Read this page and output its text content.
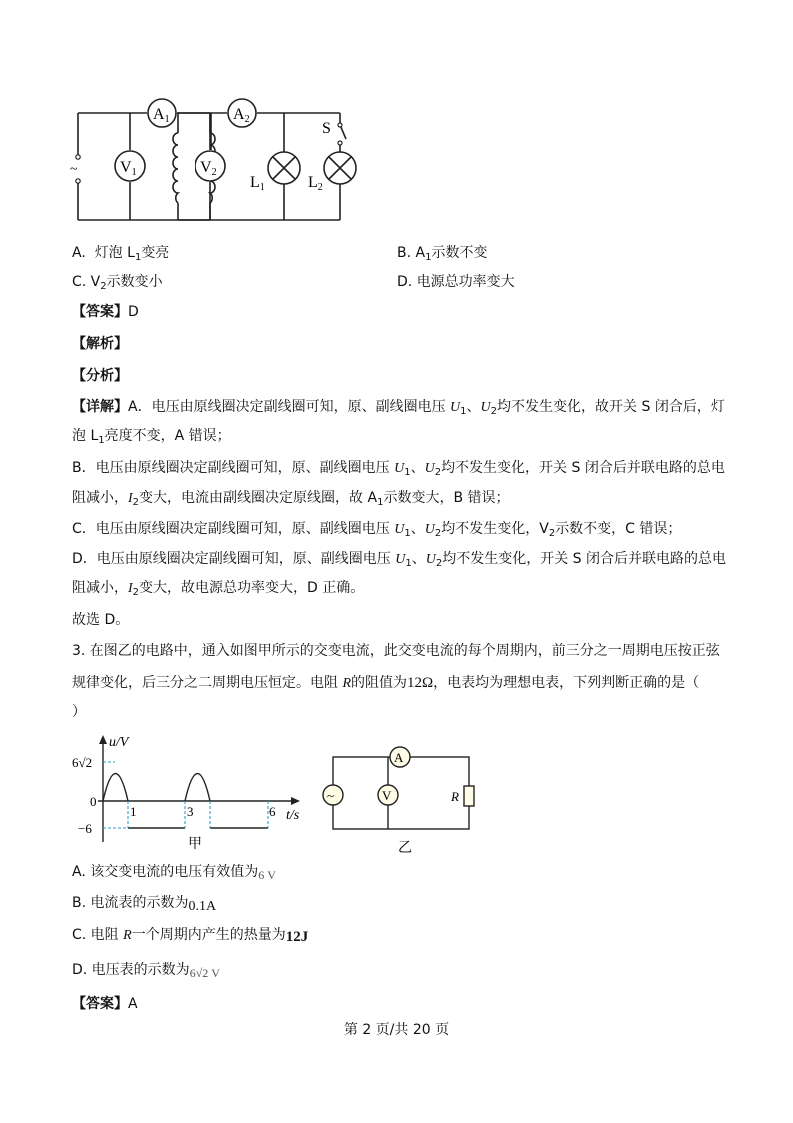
A1	A2
V1
L1	L2
S
~	V2
A. 灯泡 $L_1$变亮	B. $A_1$示数不变
C. $V_2$示数变小	D. 电源总功率变大
【答案】D
【解析】
【分析】
【详解】A．电压由原线圈决定副线圈可知，原、副线圈电压 $U_1$、$U_2$均不发生变化，故开关 S 闭合后，灯
泡 $L_1$亮度不变，A 错误；
B．电压由原线圈决定副线圈可知，原、副线圈电压 $U_1$、$U_2$均不发生变化，开关 S 闭合后并联电路的总电
阻减小，$I_2$变大，电流由副线圈决定原线圈，故 $A_1$示数变大，B 错误；
C．电压由原线圈决定副线圈可知，原、副线圈电压 $U_1$、$U_2$均不发生变化，$V_2$示数不变，C 错误；
D．电压由原线圈决定副线圈可知，原、副线圈电压 $U_1$、$U_2$均不发生变化，开关 S 闭合后并联电路的总电
阻减小，$I_2$变大，故电源总功率变大，D 正确。
故选 D。
3. 在图乙的电路中，通入如图甲所示的交变电流，此交变电流的每个周期内，前三分之一周期电压按正弦
规律变化，后三分之二周期电压恒定。电阻 R的阻值为12Ω，电表均为理想电表，下列判断正确的是（
）
u/V
6√2
0
−6
1	3	6 t/s
甲
~	V
A
R
乙
A. 该交变电流的电压有效值为6 V
B. 电流表的示数为0.1A
C. 电阻 R一个周期内产生的热量为12J
D. 电压表的示数为6√2 V
【答案】A
第 2 页/共 20 页
